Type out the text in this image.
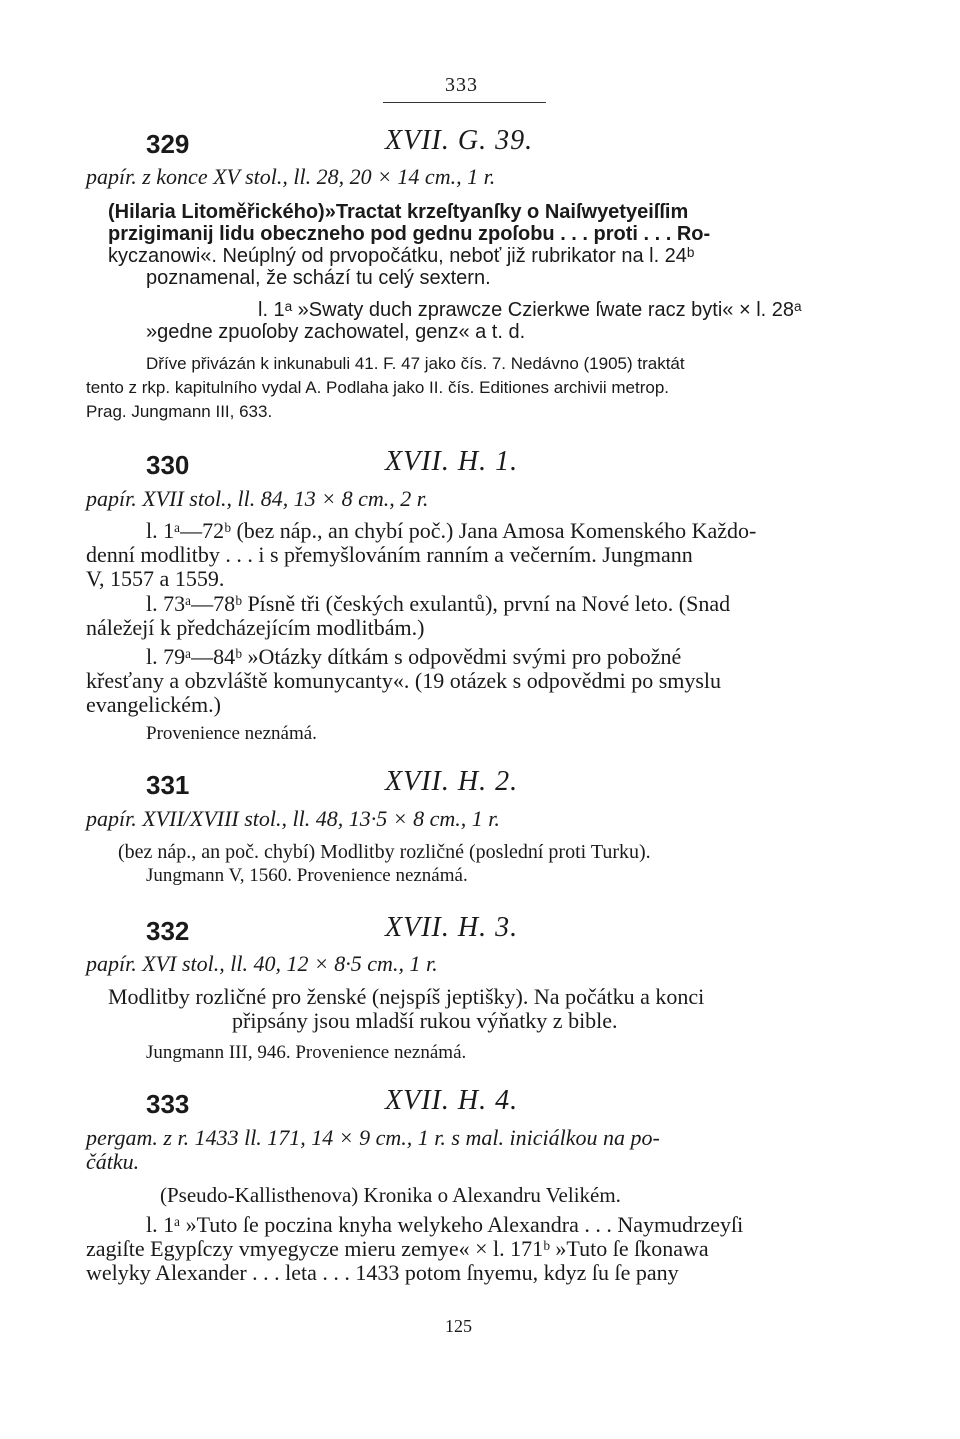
333
329	XVII. G. 39.
papír. z konce XV stol., ll. 28, 20 × 14 cm., 1 r.
(Hilaria Litoměřického)»Tractat krzeſtyanſky o Naiſwyetyeiſſim
przigimanij lidu obeczneho pod gednu zpoſobu . . . proti . . . Ro-
kyczanowi«. Neúplný od prvopočátku, neboť již rubrikator na l. 24ᵇ
poznamenal, že schází tu celý sextern.
l. 1ᵃ »Swaty duch zprawcze Czierkwe ſwate racz byti« × l. 28ᵃ
»gedne zpuoſoby zachowatel, genz« a t. d.
Dříve přivázán k inkunabuli 41. F. 47 jako čís. 7. Nedávno (1905) traktát
tento z rkp. kapitulního vydal A. Podlaha jako II. čís. Editiones archivii metrop.
Prag. Jungmann III, 633.
330	XVII. H. 1.
papír. XVII stol., ll. 84, 13 × 8 cm., 2 r.
l. 1ᵃ—72ᵇ (bez náp., an chybí poč.) Jana Amosa Komenského Každo-
denní modlitby . . . i s přemyšlováním ranním a večerním. Jungmann
V, 1557 a 1559.
l. 73ᵃ—78ᵇ Písně tři (českých exulantů), první na Nové leto. (Snad
náležejí k předcházejícím modlitbám.)
l. 79ᵃ—84ᵇ »Otázky dítkám s odpovědmi svými pro pobožné
křesťany a obzvláště komunycanty«. (19 otázek s odpovědmi po smyslu
evangelickém.)
Provenience neznámá.
331	XVII. H. 2.
papír. XVII/XVIII stol., ll. 48, 13·5 × 8 cm., 1 r.
(bez náp., an poč. chybí) Modlitby rozličné (poslední proti Turku).
Jungmann V, 1560. Provenience neznámá.
332	XVII. H. 3.
papír. XVI stol., ll. 40, 12 × 8·5 cm., 1 r.
Modlitby rozličné pro ženské (nejspíš jeptišky). Na počátku a konci
připsány jsou mladší rukou výňatky z bible.
Jungmann III, 946. Provenience neznámá.
333	XVII. H. 4.
pergam. z r. 1433 ll. 171, 14 × 9 cm., 1 r. s mal. iniciálkou na po-
čátku.
(Pseudo-Kallisthenova) Kronika o Alexandru Velikém.
l. 1ᵃ »Tuto ſe poczina knyha welykeho Alexandra . . . Naymudrzeyſi
zagiſte Egypſczy vmyegycze mieru zemye« × l. 171ᵇ »Tuto ſe ſkonawa
welyky Alexander . . . leta . . . 1433 potom ſnyemu, kdyz ſu ſe pany
125
